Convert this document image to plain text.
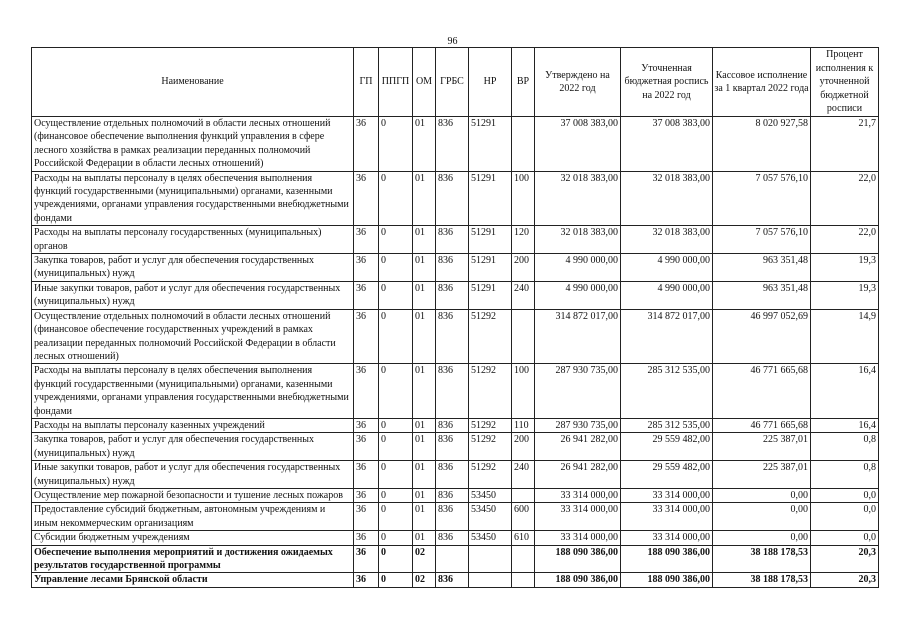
96
Наименование	ГП	ППГП	ОМ	ГРБС	НР	ВР	Утверждено на 2022 год	Уточненная бюджетная роспись на 2022 год	Кассовое исполнение за 1 квартал 2022 года	Процент исполнения к уточненной бюджетной росписи
Осуществление отдельных полномочий в области лесных отношений (финансовое обеспечение выполнения функций управления в сфере лесного хозяйства в рамках реализации переданных полномочий Российской Федерации в области лесных отношений)	36	0	01	836	51291		37 008 383,00	37 008 383,00	8 020 927,58	21,7
Расходы на выплаты персоналу в целях обеспечения выполнения функций государственными (муниципальными) органами, казенными учреждениями, органами управления государственными внебюджетными фондами	36	0	01	836	51291	100	32 018 383,00	32 018 383,00	7 057 576,10	22,0
Расходы на выплаты персоналу государственных (муниципальных) органов	36	0	01	836	51291	120	32 018 383,00	32 018 383,00	7 057 576,10	22,0
Закупка товаров, работ и услуг для обеспечения государственных (муниципальных) нужд	36	0	01	836	51291	200	4 990 000,00	4 990 000,00	963 351,48	19,3
Иные закупки товаров, работ и услуг для обеспечения государственных (муниципальных) нужд	36	0	01	836	51291	240	4 990 000,00	4 990 000,00	963 351,48	19,3
Осуществление отдельных полномочий в области лесных отношений (финансовое обеспечение государственных учреждений в рамках реализации переданных полномочий Российской Федерации в области лесных отношений)	36	0	01	836	51292		314 872 017,00	314 872 017,00	46 997 052,69	14,9
Расходы на выплаты персоналу в целях обеспечения выполнения функций государственными (муниципальными) органами, казенными учреждениями, органами управления государственными внебюджетными фондами	36	0	01	836	51292	100	287 930 735,00	285 312 535,00	46 771 665,68	16,4
Расходы на выплаты персоналу казенных учреждений	36	0	01	836	51292	110	287 930 735,00	285 312 535,00	46 771 665,68	16,4
Закупка товаров, работ и услуг для обеспечения государственных (муниципальных) нужд	36	0	01	836	51292	200	26 941 282,00	29 559 482,00	225 387,01	0,8
Иные закупки товаров, работ и услуг для обеспечения государственных (муниципальных) нужд	36	0	01	836	51292	240	26 941 282,00	29 559 482,00	225 387,01	0,8
Осуществление мер пожарной безопасности и тушение лесных пожаров	36	0	01	836	53450		33 314 000,00	33 314 000,00	0,00	0,0
Предоставление субсидий бюджетным, автономным учреждениям и иным некоммерческим организациям	36	0	01	836	53450	600	33 314 000,00	33 314 000,00	0,00	0,0
Субсидии бюджетным учреждениям	36	0	01	836	53450	610	33 314 000,00	33 314 000,00	0,00	0,0
Обеспечение выполнения мероприятий и достижения ожидаемых результатов государственной программы	36	0	02				188 090 386,00	188 090 386,00	38 188 178,53	20,3
Управление лесами Брянской области	36	0	02	836			188 090 386,00	188 090 386,00	38 188 178,53	20,3
